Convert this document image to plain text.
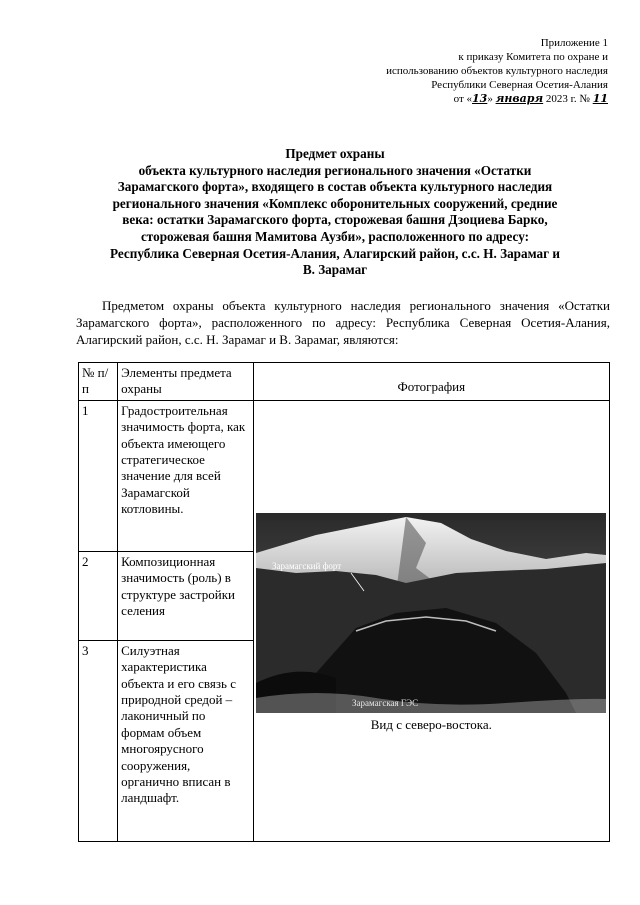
Приложение 1
к приказу Комитета по охране и
использованию объектов культурного наследия
Республики Северная Осетия-Алания
от «13» января 2023 г. № 11
Предмет охраны
объекта культурного наследия регионального значения «Остатки
Зарамагского форта», входящего в состав объекта культурного наследия
регионального значения «Комплекс оборонительных сооружений, средние
века: остатки Зарамагского форта, сторожевая башня Дзоциева Барко,
сторожевая башня Мамитова Аузби», расположенного по адресу:
Республика Северная Осетия-Алания, Алагирский район, с.с. Н. Зарамаг и
В. Зарамаг
Предметом охраны объекта культурного наследия регионального значения «Остатки Зарамагского форта», расположенного по адресу: Республика Северная Осетия-Алания, Алагирский район, с.с. Н. Зарамаг и В. Зарамаг, являются:
№ п/п	Элементы предмета охраны	Фотография
1	Градостроительная значимость форта, как объекта имеющего стратегическое значение для всей Зарамагской котловины.	Зарамагский форт
Зарамагская ГЭС
Вид с северо-востока.

2	Композиционная значимость (роль) в структуре застройки селения	
3	Силуэтная характеристика объекта и его связь с природной средой – лаконичный по формам объем многоярусного сооружения, органично вписан в ландшафт.	
